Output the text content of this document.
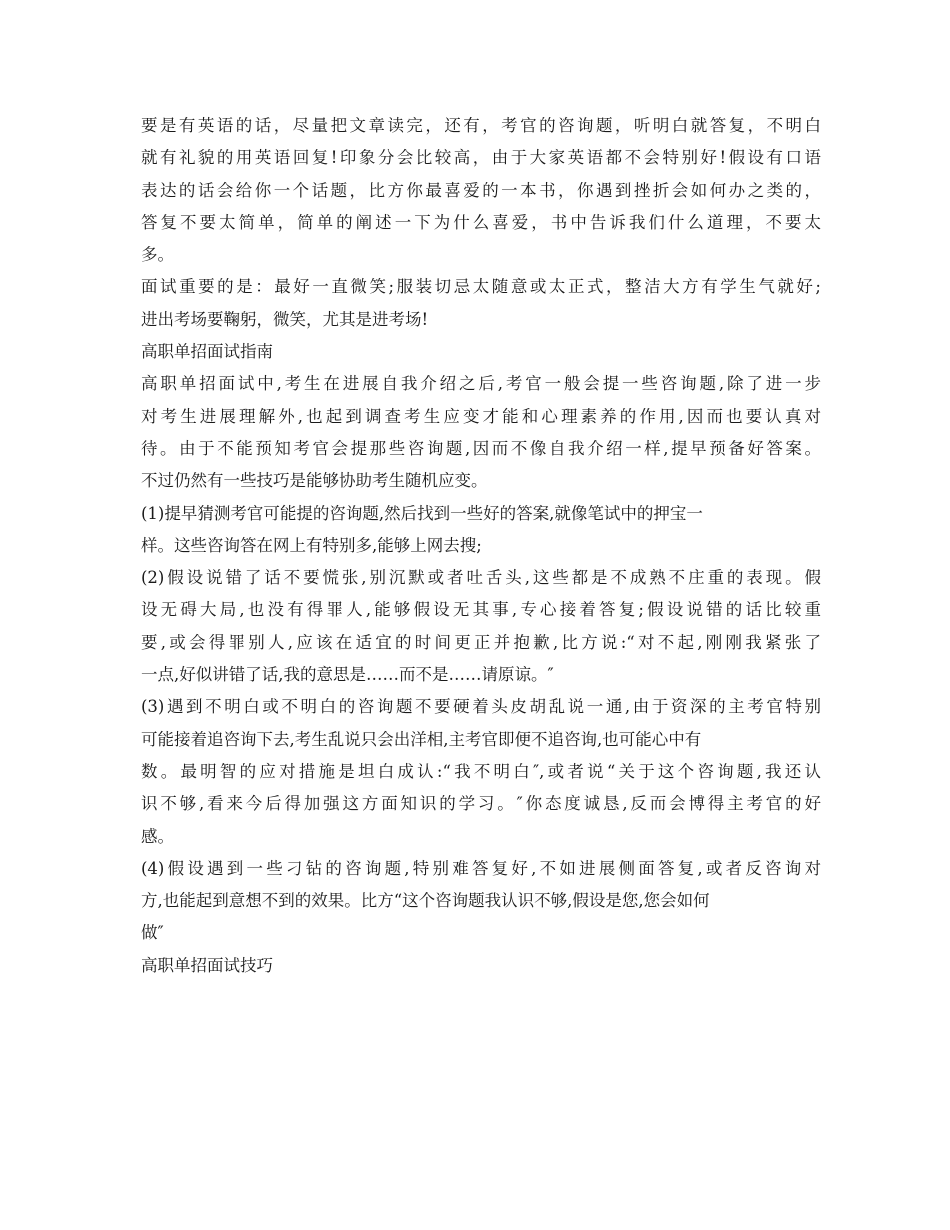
要是有英语的话，尽量把文章读完，还有，考官的咨询题，听明白就答复，不明白
就有礼貌的用英语回复!印象分会比较高，由于大家英语都不会特别好!假设有口语
表达的话会给你一个话题，比方你最喜爱的一本书，你遇到挫折会如何办之类的，
答复不要太简单，简单的阐述一下为什么喜爱，书中告诉我们什么道理，不要太
多。
面试重要的是：最好一直微笑;服装切忌太随意或太正式，整洁大方有学生气就好;
进出考场要鞠躬，微笑，尤其是进考场!
高职单招面试指南
高职单招面试中,考生在进展自我介绍之后,考官一般会提一些咨询题,除了进一步
对考生进展理解外,也起到调查考生应变才能和心理素养的作用,因而也要认真对
待。由于不能预知考官会提那些咨询题,因而不像自我介绍一样,提早预备好答案。
不过仍然有一些技巧是能够协助考生随机应变。
(1)提早猜测考官可能提的咨询题,然后找到一些好的答案,就像笔试中的押宝一
样。这些咨询答在网上有特别多,能够上网去搜;
(2)假设说错了话不要慌张,别沉默或者吐舌头,这些都是不成熟不庄重的表现。假
设无碍大局,也没有得罪人,能够假设无其事,专心接着答复;假设说错的话比较重
要,或会得罪别人,应该在适宜的时间更正并抱歉,比方说:“对不起,刚刚我紧张了
一点,好似讲错了话,我的意思是……而不是……请原谅。″
(3)遇到不明白或不明白的咨询题不要硬着头皮胡乱说一通,由于资深的主考官特别
可能接着追咨询下去,考生乱说只会出洋相,主考官即便不追咨询,也可能心中有
数。最明智的应对措施是坦白成认:“我不明白″,或者说“关于这个咨询题,我还认
识不够,看来今后得加强这方面知识的学习。″你态度诚恳,反而会博得主考官的好
感。
(4)假设遇到一些刁钻的咨询题,特别难答复好,不如进展侧面答复,或者反咨询对
方,也能起到意想不到的效果。比方“这个咨询题我认识不够,假设是您,您会如何
做″
高职单招面试技巧
